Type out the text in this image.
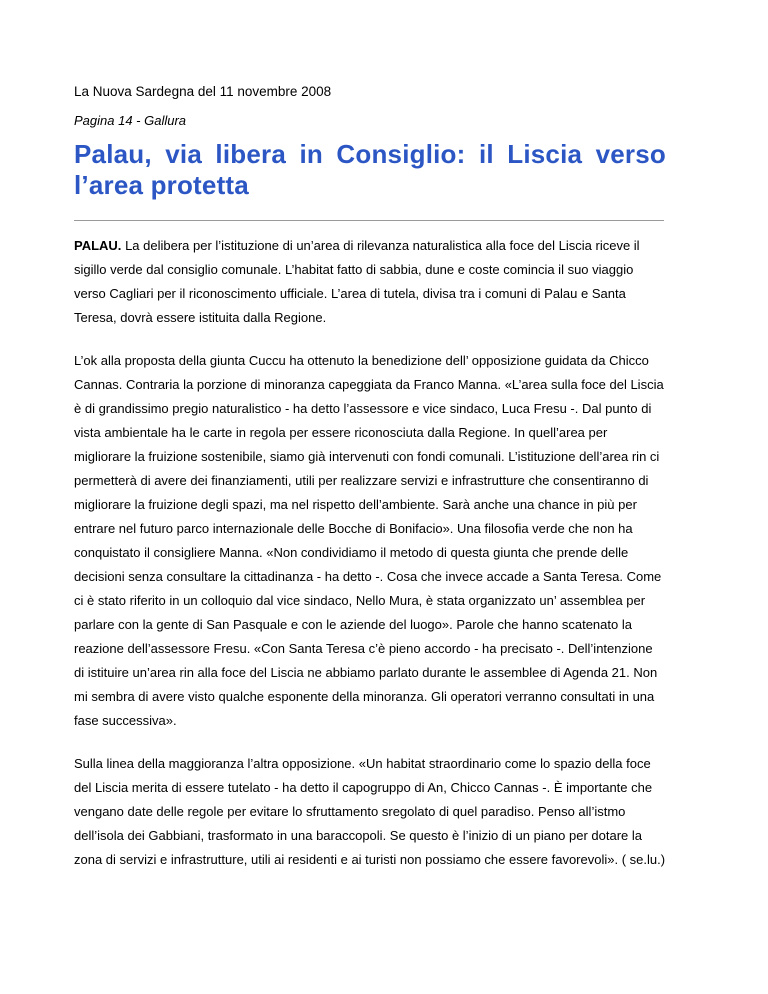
La Nuova Sardegna del 11 novembre 2008
Pagina 14 - Gallura
Palau, via libera in Consiglio: il Liscia verso l’area protetta

PALAU. La delibera per l’istituzione di un’area di rilevanza naturalistica alla foce del Liscia riceve il sigillo verde dal consiglio comunale. L’habitat fatto di sabbia, dune e coste comincia il suo viaggio verso Cagliari per il riconoscimento ufficiale. L’area di tutela, divisa tra i comuni di Palau e Santa Teresa, dovrà essere istituita dalla Regione.

L’ok alla proposta della giunta Cuccu ha ottenuto la benedizione dell’ opposizione guidata da Chicco Cannas. Contraria la porzione di minoranza capeggiata da Franco Manna. «L’area sulla foce del Liscia è di grandissimo pregio naturalistico - ha detto l’assessore e vice sindaco, Luca Fresu -. Dal punto di vista ambientale ha le carte in regola per essere riconosciuta dalla Regione. In quell’area per migliorare la fruizione sostenibile, siamo già intervenuti con fondi comunali. L’istituzione dell’area rin ci permetterà di avere dei finanziamenti, utili per realizzare servizi e infrastrutture che consentiranno di migliorare la fruizione degli spazi, ma nel rispetto dell’ambiente. Sarà anche una chance in più per entrare nel futuro parco internazionale delle Bocche di Bonifacio». Una filosofia verde che non ha conquistato il consigliere Manna. «Non condividiamo il metodo di questa giunta che prende delle decisioni senza consultare la cittadinanza - ha detto -. Cosa che invece accade a Santa Teresa. Come ci è stato riferito in un colloquio dal vice sindaco, Nello Mura, è stata organizzato un’ assemblea per parlare con la gente di San Pasquale e con le aziende del luogo». Parole che hanno scatenato la reazione dell’assessore Fresu. «Con Santa Teresa c’è pieno accordo - ha precisato -. Dell’intenzione di istituire un’area rin alla foce del Liscia ne abbiamo parlato durante le assemblee di Agenda 21. Non mi sembra di avere visto qualche esponente della minoranza. Gli operatori verranno consultati in una fase successiva».

Sulla linea della maggioranza l’altra opposizione. «Un habitat straordinario come lo spazio della foce del Liscia merita di essere tutelato - ha detto il capogruppo di An, Chicco Cannas -. È importante che vengano date delle regole per evitare lo sfruttamento sregolato di quel paradiso. Penso all’istmo dell’isola dei Gabbiani, trasformato in una baraccopoli. Se questo è l’inizio di un piano per dotare la zona di servizi e infrastrutture, utili ai residenti e ai turisti non possiamo che essere favorevoli». ( se.lu.)
